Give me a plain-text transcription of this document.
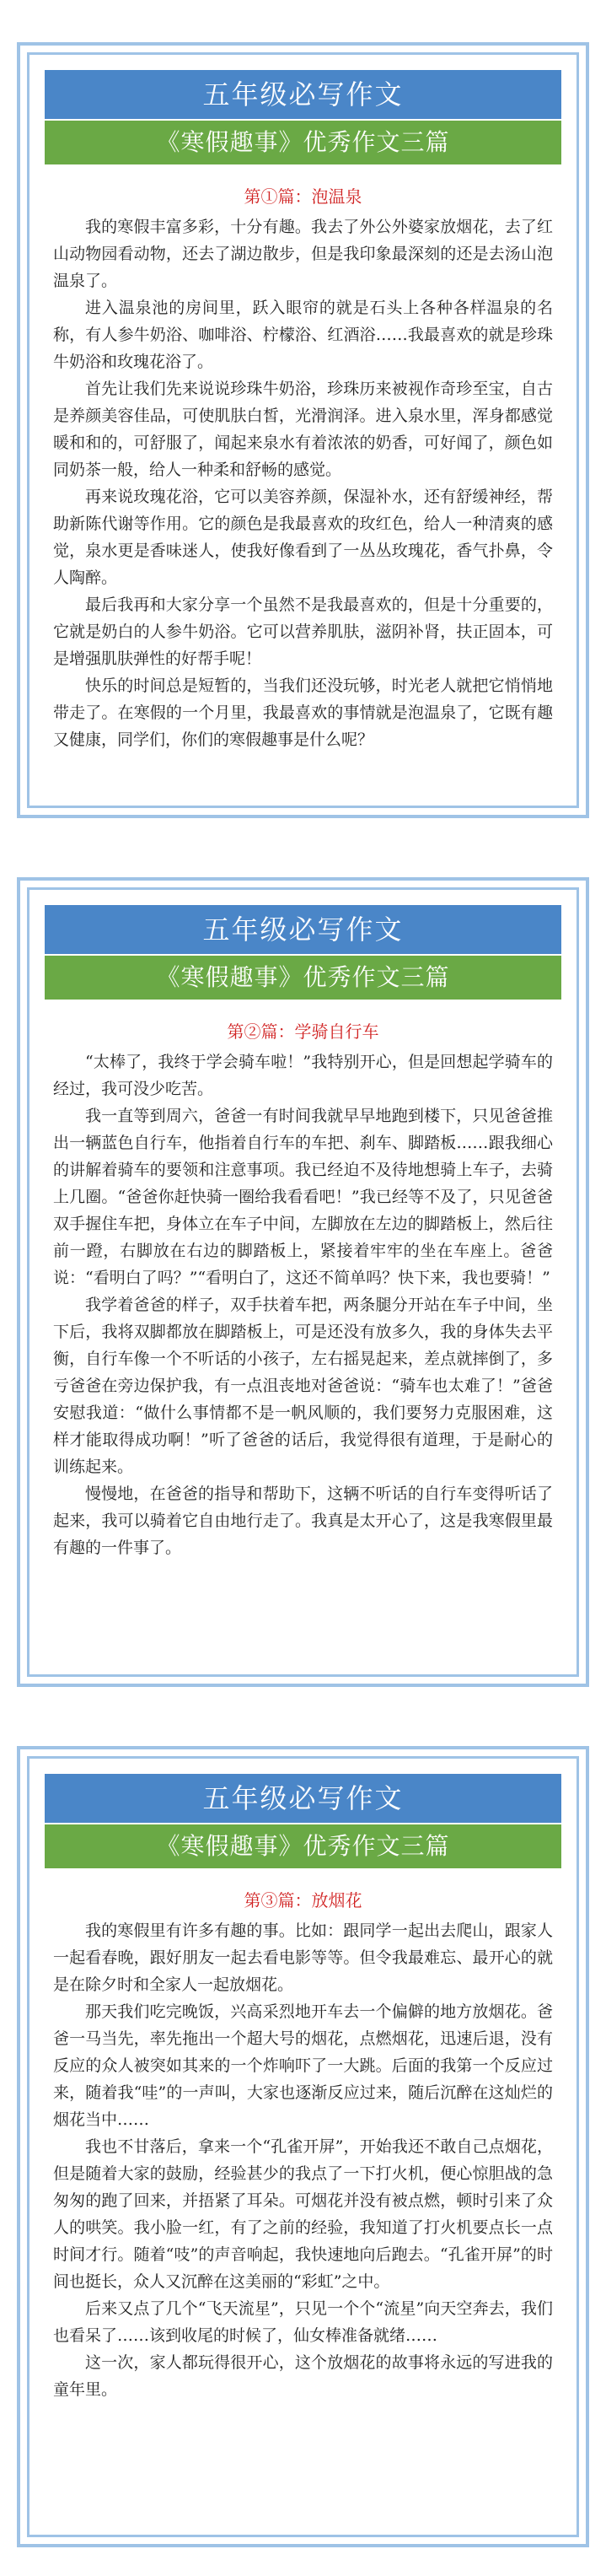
五年级必写作文
《寒假趣事》优秀作文三篇
第①篇：泡温泉

我的寒假丰富多彩，十分有趣。我去了外公外婆家放烟花，去了红山动物园看动物，还去了湖边散步，但是我印象最深刻的还是去汤山泡温泉了。

进入温泉池的房间里，跃入眼帘的就是石头上各种各样温泉的名称，有人参牛奶浴、咖啡浴、柠檬浴、红酒浴……我最喜欢的就是珍珠牛奶浴和玫瑰花浴了。

首先让我们先来说说珍珠牛奶浴，珍珠历来被视作奇珍至宝，自古是养颜美容佳品，可使肌肤白皙，光滑润泽。进入泉水里，浑身都感觉暖和和的，可舒服了，闻起来泉水有着浓浓的奶香，可好闻了，颜色如同奶茶一般，给人一种柔和舒畅的感觉。

再来说玫瑰花浴，它可以美容养颜，保湿补水，还有舒缓神经，帮助新陈代谢等作用。它的颜色是我最喜欢的玫红色，给人一种清爽的感觉，泉水更是香味迷人，使我好像看到了一丛丛玫瑰花，香气扑鼻，令人陶醉。

最后我再和大家分享一个虽然不是我最喜欢的，但是十分重要的，它就是奶白的人参牛奶浴。它可以营养肌肤，滋阴补肾，扶正固本，可是增强肌肤弹性的好帮手呢！

快乐的时间总是短暂的，当我们还没玩够，时光老人就把它悄悄地带走了。在寒假的一个月里，我最喜欢的事情就是泡温泉了，它既有趣又健康，同学们，你们的寒假趣事是什么呢？

五年级必写作文
《寒假趣事》优秀作文三篇
第②篇：学骑自行车

“太棒了，我终于学会骑车啦！”我特别开心，但是回想起学骑车的经过，我可没少吃苦。

我一直等到周六，爸爸一有时间我就早早地跑到楼下，只见爸爸推出一辆蓝色自行车，他指着自行车的车把、刹车、脚踏板……跟我细心的讲解着骑车的要领和注意事项。我已经迫不及待地想骑上车子，去骑上几圈。“爸爸你赶快骑一圈给我看看吧！”我已经等不及了，只见爸爸双手握住车把，身体立在车子中间，左脚放在左边的脚踏板上，然后往前一蹬，右脚放在右边的脚踏板上，紧接着牢牢的坐在车座上。爸爸说：“看明白了吗？”“看明白了，这还不简单吗？快下来，我也要骑！”

我学着爸爸的样子，双手扶着车把，两条腿分开站在车子中间，坐下后，我将双脚都放在脚踏板上，可是还没有放多久，我的身体失去平衡，自行车像一个不听话的小孩子，左右摇晃起来，差点就摔倒了，多亏爸爸在旁边保护我，有一点沮丧地对爸爸说：“骑车也太难了！”爸爸安慰我道：“做什么事情都不是一帆风顺的，我们要努力克服困难，这样才能取得成功啊！”听了爸爸的话后，我觉得很有道理，于是耐心的训练起来。

慢慢地，在爸爸的指导和帮助下，这辆不听话的自行车变得听话了起来，我可以骑着它自由地行走了。我真是太开心了，这是我寒假里最有趣的一件事了。

五年级必写作文
《寒假趣事》优秀作文三篇
第③篇：放烟花

我的寒假里有许多有趣的事。比如：跟同学一起出去爬山，跟家人一起看春晚，跟好朋友一起去看电影等等。但令我最难忘、最开心的就是在除夕时和全家人一起放烟花。

那天我们吃完晚饭，兴高采烈地开车去一个偏僻的地方放烟花。爸爸一马当先，率先拖出一个超大号的烟花，点燃烟花，迅速后退，没有反应的众人被突如其来的一个炸响吓了一大跳。后面的我第一个反应过来，随着我“哇”的一声叫，大家也逐渐反应过来，随后沉醉在这灿烂的烟花当中……

我也不甘落后，拿来一个“孔雀开屏”，开始我还不敢自己点烟花，但是随着大家的鼓励，经验甚少的我点了一下打火机，便心惊胆战的急匆匆的跑了回来，并捂紧了耳朵。可烟花并没有被点燃，顿时引来了众人的哄笑。我小脸一红，有了之前的经验，我知道了打火机要点长一点时间才行。随着“吱”的声音响起，我快速地向后跑去。“孔雀开屏”的时间也挺长，众人又沉醉在这美丽的“彩虹”之中。

后来又点了几个“飞天流星”，只见一个个“流星”向天空奔去，我们也看呆了……该到收尾的时候了，仙女棒准备就绪……

这一次，家人都玩得很开心，这个放烟花的故事将永远的写进我的童年里。
